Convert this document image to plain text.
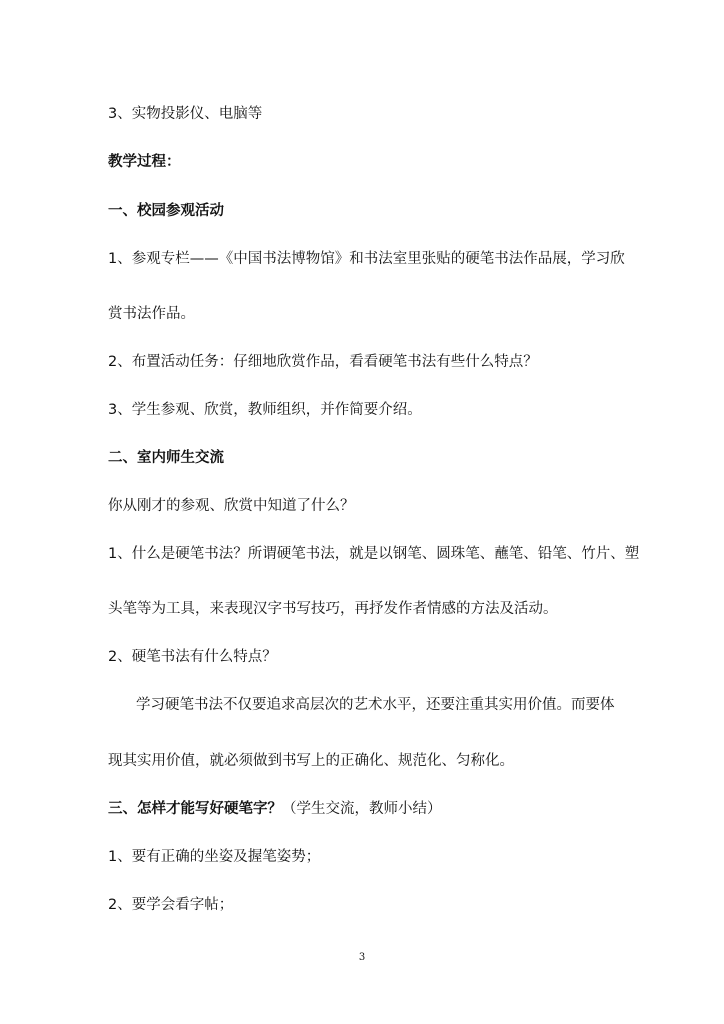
3、实物投影仪、电脑等
教学过程：
一、校园参观活动
1、参观专栏——《中国书法博物馆》和书法室里张贴的硬笔书法作品展，学习欣
赏书法作品。
2、布置活动任务：仔细地欣赏作品，看看硬笔书法有些什么特点？
3、学生参观、欣赏，教师组织，并作简要介绍。
二、室内师生交流
你从刚才的参观、欣赏中知道了什么？
1、什么是硬笔书法？所谓硬笔书法，就是以钢笔、圆珠笔、蘸笔、铅笔、竹片、塑
头笔等为工具，来表现汉字书写技巧，再抒发作者情感的方法及活动。
2、硬笔书法有什么特点？
学习硬笔书法不仅要追求高层次的艺术水平，还要注重其实用价值。而要体
现其实用价值，就必须做到书写上的正确化、规范化、匀称化。
三、怎样才能写好硬笔字？（学生交流，教师小结）
1、要有正确的坐姿及握笔姿势；
2、要学会看字帖；
3
